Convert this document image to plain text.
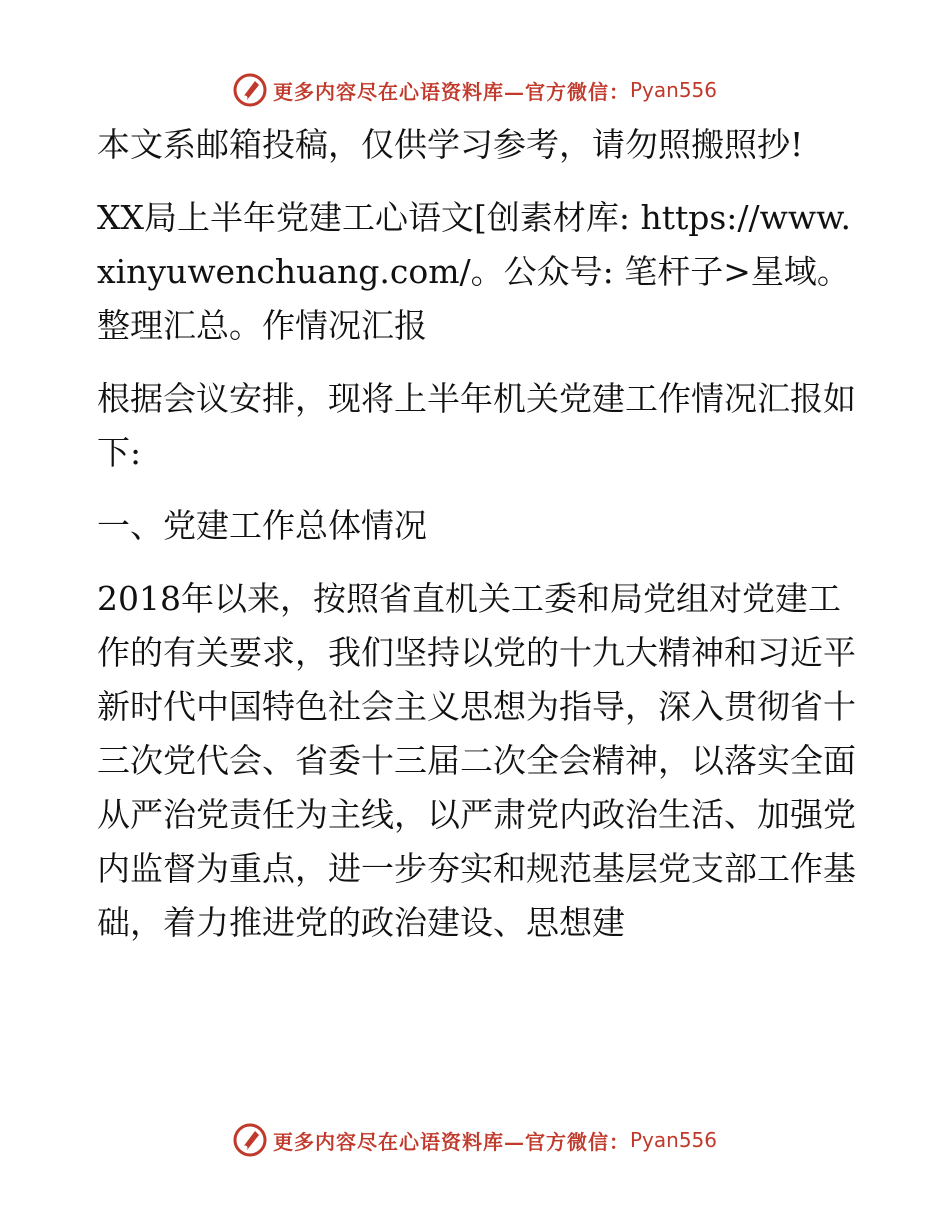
更多内容尽在心语资料库—官方微信： Pyan556

本文系邮箱投稿，仅供学习参考，请勿照搬照抄!

XX局上半年党建工心语文[创素材库: https://www.xinyuwenchuang.com/。公众号: 笔杆子>星域。整理汇总。作情况汇报

根据会议安排，现将上半年机关党建工作情况汇报如下:

一、党建工作总体情况

2018年以来，按照省直机关工委和局党组对党建工作的有关要求，我们坚持以党的十九大精神和习近平新时代中国特色社会主义思想为指导，深入贯彻省十三次党代会、省委十三届二次全会精神，以落实全面从严治党责任为主线，以严肃党内政治生活、加强党内监督为重点，进一步夯实和规范基层党支部工作基础，着力推进党的政治建设、思想建

更多内容尽在心语资料库—官方微信： Pyan556
